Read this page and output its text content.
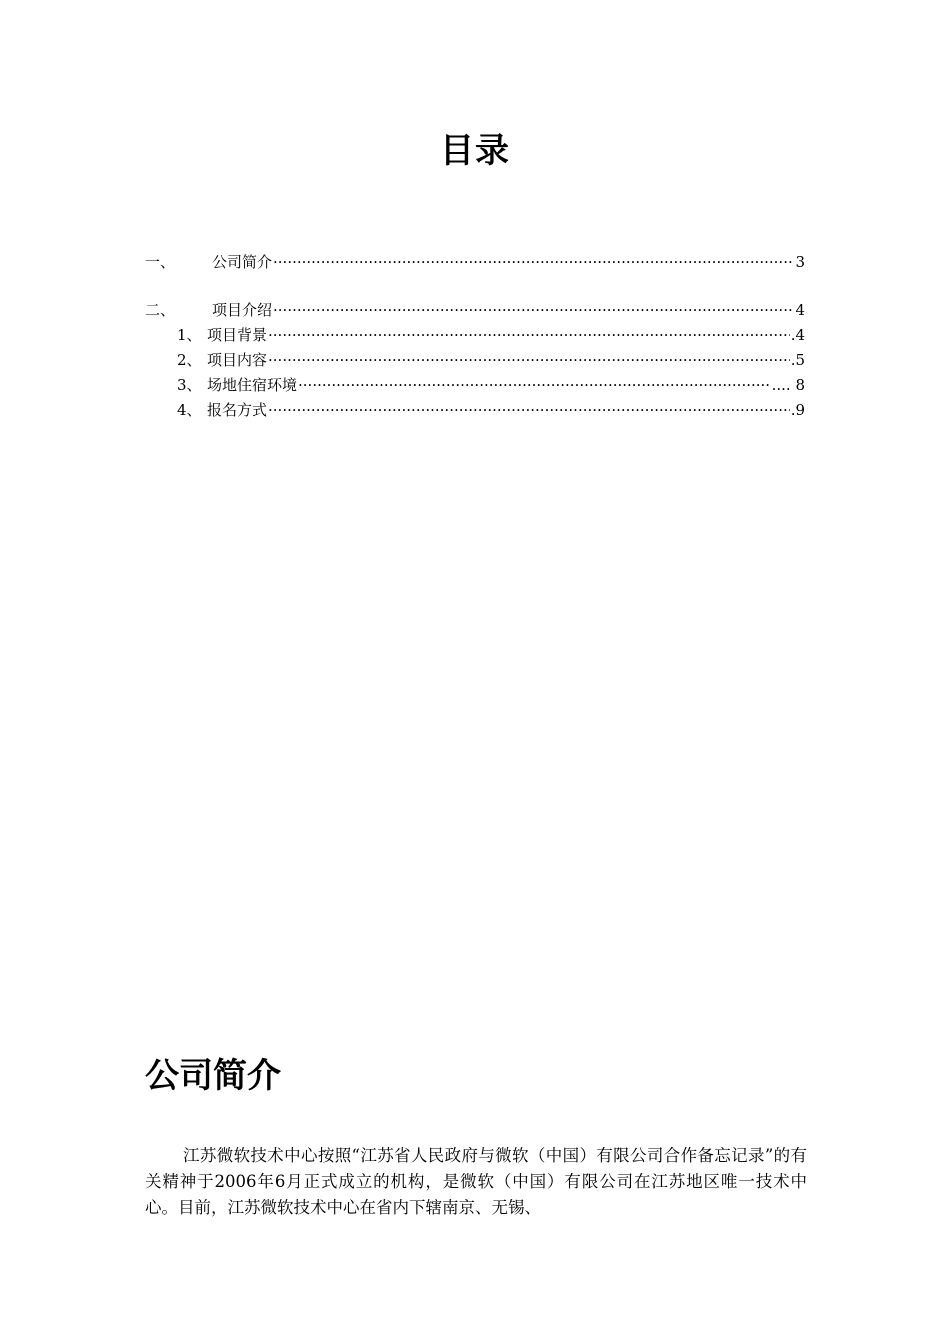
目录
一、	公司简介 ·····	3
二、	项目介绍 ·····	4
1、 项目背景 ·····	.4
2、 项目内容 ·····	.5
3、 场地住宿环境 ·····	.... 8
4、 报名方式 ·····	.9
公司简介

江苏微软技术中心按照“江苏省人民政府与微软（中国）有限公司合作备忘记录”的有关精神于2006年6月正式成立的机构，是微软（中国）有限公司在江苏地区唯一技术中心。目前，江苏微软技术中心在省内下辖南京、无锡、
